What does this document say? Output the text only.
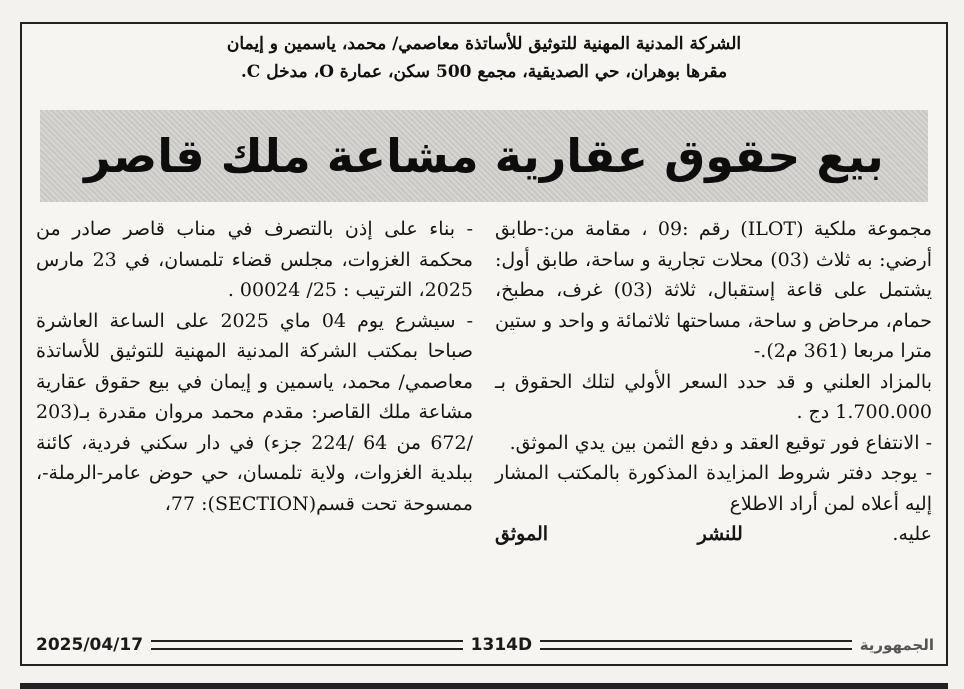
الشركة المدنية المهنية للتوثيق للأساتذة معاصمي/ محمد، ياسمين و إيمان
مقرها بوهران، حي الصديقية، مجمع 500 سكن، عمارة O، مدخل C.
بيع حقوق عقارية مشاعة ملك قاصر

- بناء على إذن بالتصرف في مناب قاصر صادر من محكمة الغزوات، مجلس قضاء تلمسان، في 23 مارس 2025، الترتيب : 25/ 00024 .

- سيشرع يوم 04 ماي 2025 على الساعة العاشرة صباحا بمكتب الشركة المدنية المهنية للتوثيق للأساتذة معاصمي/ محمد، ياسمين و إيمان في بيع حقوق عقارية مشاعة ملك القاصر: مقدم محمد مروان مقدرة بـ(203 /672 من 64 /224 جزء) في دار سكني فردية، كائنة ببلدية الغزوات، ولاية تلمسان، حي حوض عامر-الرملة-، ممسوحة تحت قسم(SECTION): 77،

مجموعة ملكية (ILOT) رقم :09 ، مقامة من:-طابق أرضي: به ثلاث (03) محلات تجارية و ساحة، طابق أول: يشتمل على قاعة إستقبال، ثلاثة (03) غرف، مطبخ، حمام، مرحاض و ساحة، مساحتها ثلاثمائة و واحد و ستين مترا مربعا (361 م2).-

بالمزاد العلني و قد حدد السعر الأولي لتلك الحقوق بـ 1.700.000 دج .

- الانتفاع فور توقيع العقد و دفع الثمن بين يدي الموثق.

- يوجد دفتر شروط المزايدة المذكورة بالمكتب المشار إليه أعلاه لمن أراد الاطلاع

عليه.
للنشر
الموثق
2025/04/17	1314D	الجمهورية
